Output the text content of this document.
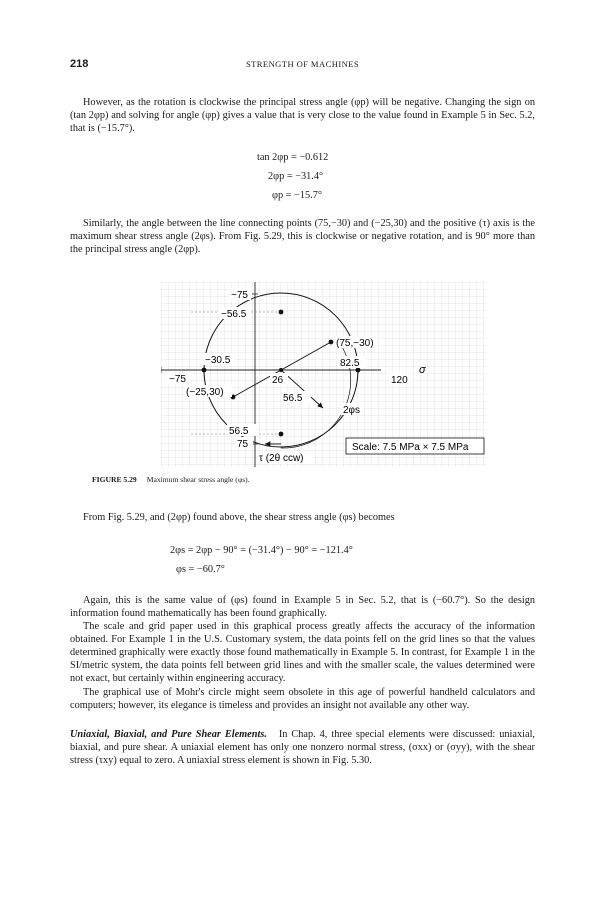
218	STRENGTH OF MACHINES

However, as the rotation is clockwise the principal stress angle (φp) will be negative. Changing the sign on (tan 2φp) and solving for angle (φp) gives a value that is very close to the value found in Example 5 in Sec. 5.2, that is (−15.7°).

tan 2φp = −0.612
2φp = −31.4°
φp = −15.7°

Similarly, the angle between the line connecting points (75,−30) and (−25,30) and the positive (τ) axis is the maximum shear stress angle (2φs). From Fig. 5.29, this is clockwise or negative rotation, and is 90° more than the principal stress angle (2φp).

−75
−56.5
−30.5
−75
(−25,30)
26
56.5
56.5
75
(75,−30)
82.5
120
σ
2φs
τ (2θ ccw)
Scale: 7.5 MPa × 7.5 MPa
FIGURE 5.29 Maximum shear stress angle (φs).

From Fig. 5.29, and (2φp) found above, the shear stress angle (φs) becomes

2φs = 2φp − 90° = (−31.4°) − 90° = −121.4°
φs = −60.7°

Again, this is the same value of (φs) found in Example 5 in Sec. 5.2, that is (−60.7°). So the design information found mathematically has been found graphically.

The scale and grid paper used in this graphical process greatly affects the accuracy of the information obtained. For Example 1 in the U.S. Customary system, the data points fell on the grid lines so that the values determined graphically were exactly those found mathematically in Example 5. In contrast, for Example 1 in the SI/metric system, the data points fell between grid lines and with the smaller scale, the values determined were not exact, but certainly within engineering accuracy.

The graphical use of Mohr's circle might seem obsolete in this age of powerful handheld calculators and computers; however, its elegance is timeless and provides an insight not available any other way.

Uniaxial, Biaxial, and Pure Shear Elements. In Chap. 4, three special elements were discussed: uniaxial, biaxial, and pure shear. A uniaxial element has only one nonzero normal stress, (σxx) or (σyy), with the shear stress (τxy) equal to zero. A uniaxial stress element is shown in Fig. 5.30.
